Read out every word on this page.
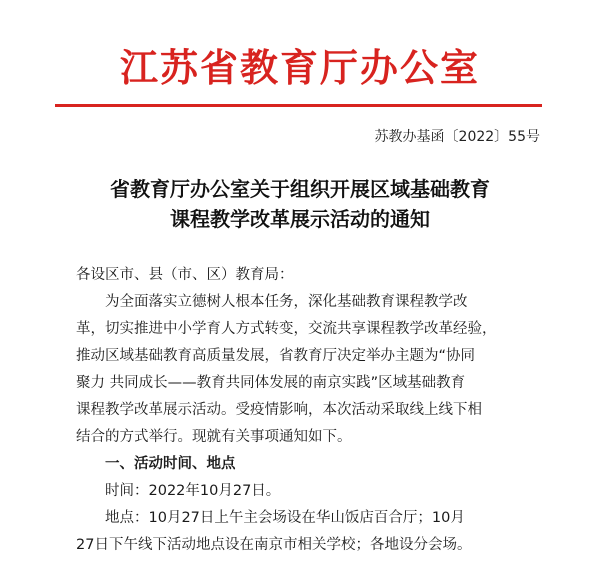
江苏省教育厅办公室
苏教办基函〔2022〕55号
省教育厅办公室关于组织开展区域基础教育
课程教学改革展示活动的通知
各设区市、县（市、区）教育局：
为全面落实立德树人根本任务，深化基础教育课程教学改
革，切实推进中小学育人方式转变，交流共享课程教学改革经验，
推动区域基础教育高质量发展，省教育厅决定举办主题为“协同
聚力 共同成长——教育共同体发展的南京实践”区域基础教育
课程教学改革展示活动。受疫情影响，本次活动采取线上线下相
结合的方式举行。现就有关事项通知如下。
一、活动时间、地点
时间：2022年10月27日。
地点：10月27日上午主会场设在华山饭店百合厅；10月
27日下午线下活动地点设在南京市相关学校；各地设分会场。
